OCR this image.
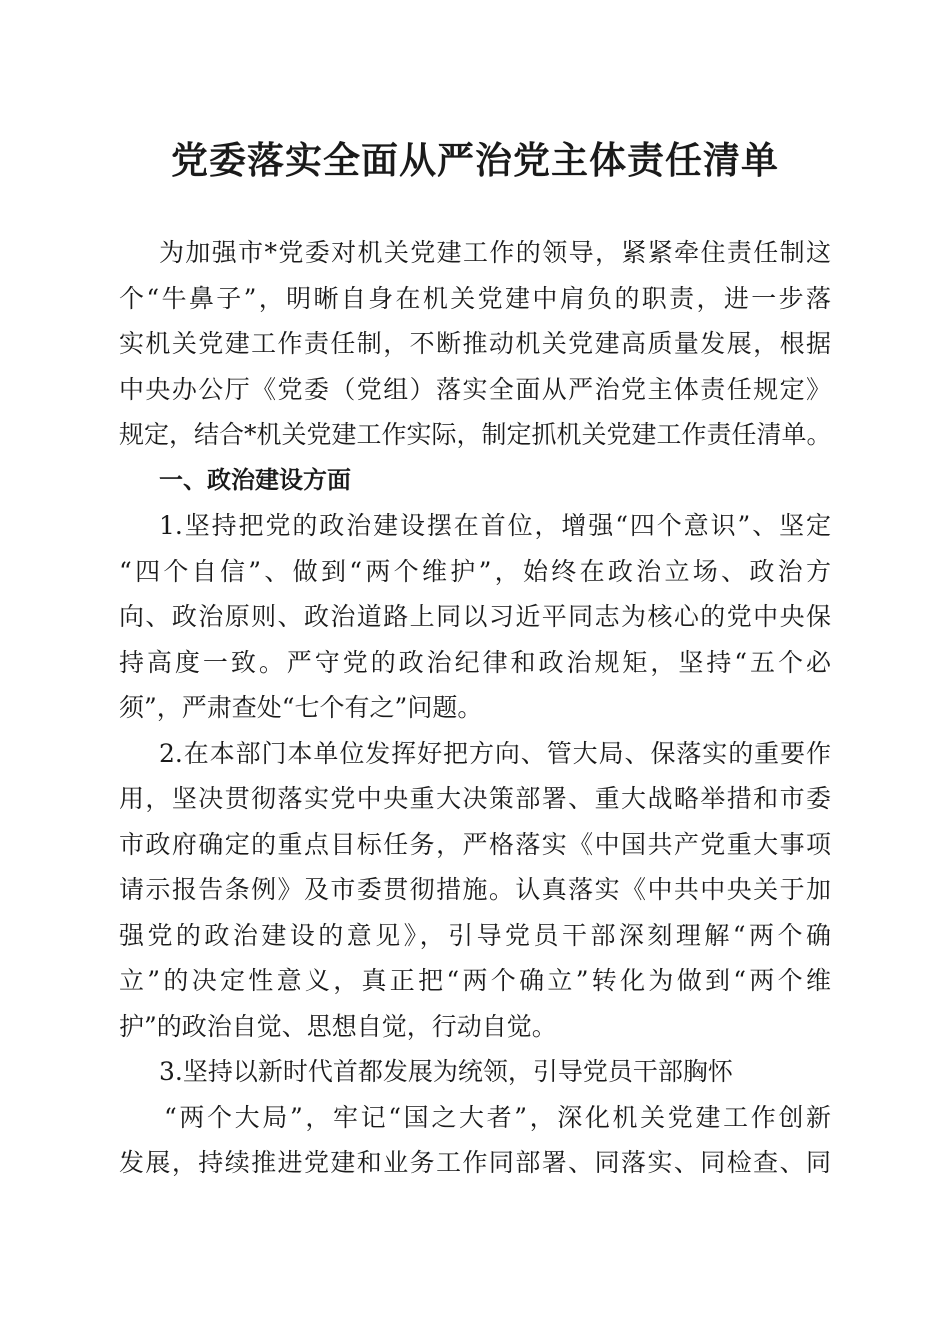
党委落实全面从严治党主体责任清单
为加强市*党委对机关党建工作的领导，紧紧牵住责任制这
个“牛鼻子”，明晰自身在机关党建中肩负的职责，进一步落
实机关党建工作责任制，不断推动机关党建高质量发展，根据
中央办公厅《党委（党组）落实全面从严治党主体责任规定》
规定，结合*机关党建工作实际，制定抓机关党建工作责任清单。
一、政治建设方面
1.坚持把党的政治建设摆在首位，增强“四个意识”、坚定
“四个自信”、做到“两个维护”，始终在政治立场、政治方
向、政治原则、政治道路上同以习近平同志为核心的党中央保
持高度一致。严守党的政治纪律和政治规矩，坚持“五个必
须”，严肃查处“七个有之”问题。
2.在本部门本单位发挥好把方向、管大局、保落实的重要作
用，坚决贯彻落实党中央重大决策部署、重大战略举措和市委
市政府确定的重点目标任务，严格落实《中国共产党重大事项
请示报告条例》及市委贯彻措施。认真落实《中共中央关于加
强党的政治建设的意见》，引导党员干部深刻理解“两个确
立”的决定性意义，真正把“两个确立”转化为做到“两个维
护”的政治自觉、思想自觉，行动自觉。
3.坚持以新时代首都发展为统领，引导党员干部胸怀
“两个大局”，牢记“国之大者”，深化机关党建工作创新
发展，持续推进党建和业务工作同部署、同落实、同检查、同
